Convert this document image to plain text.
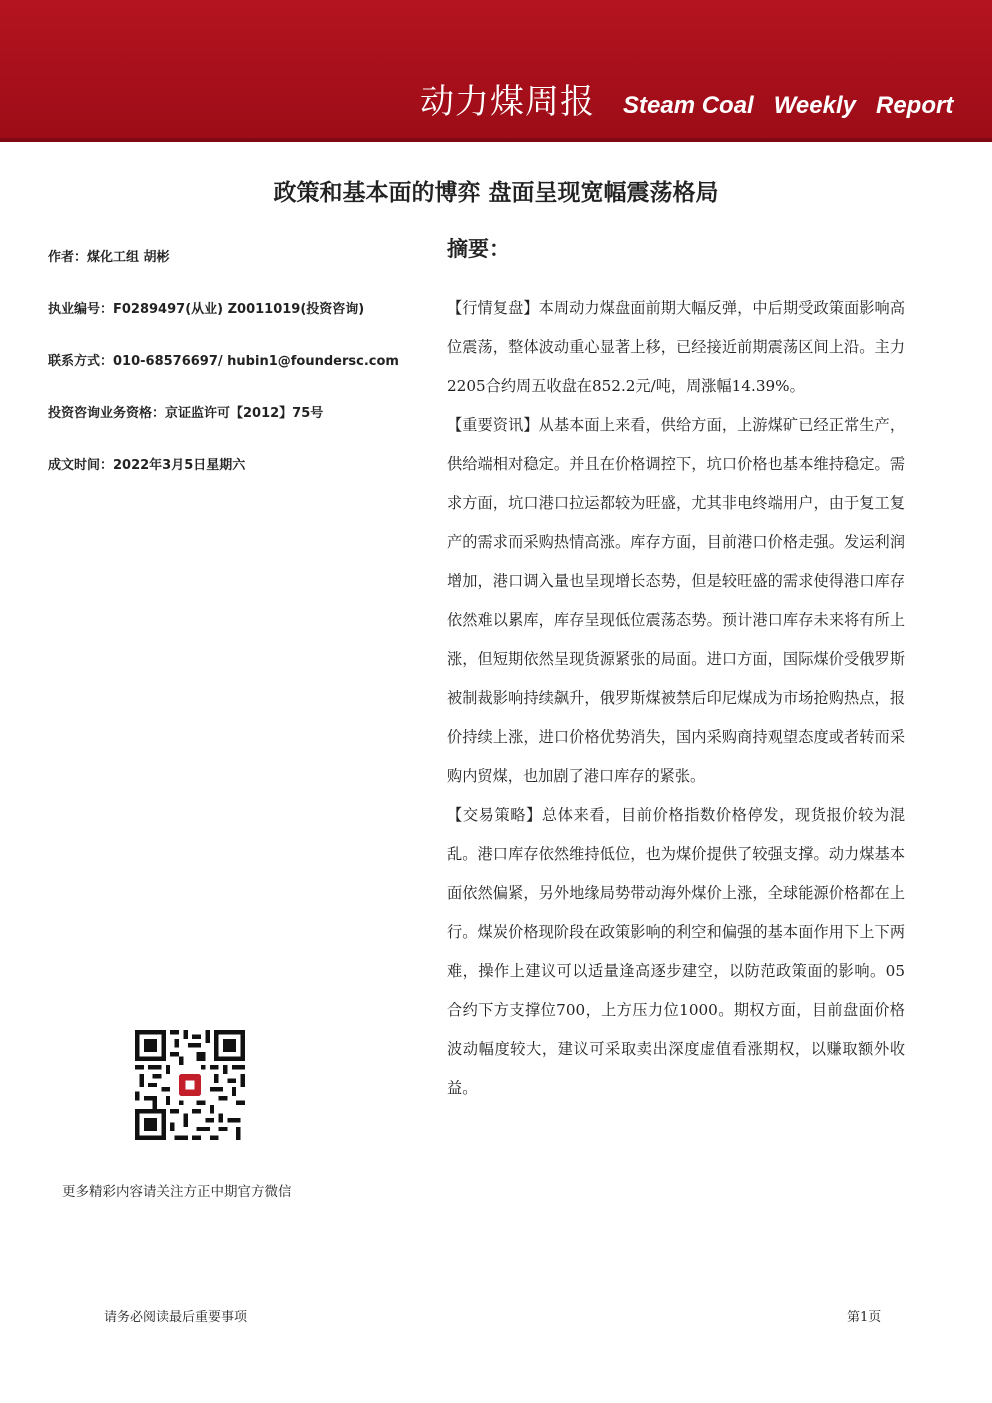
动力煤周报 Steam Coal   Weekly   Report
政策和基本面的博弈 盘面呈现宽幅震荡格局
作者：煤化工组 胡彬
执业编号：F0289497(从业) Z0011019(投资咨询)
联系方式：010-68576697/ hubin1@foundersc.com
投资咨询业务资格：京证监许可【2012】75号
成文时间：2022年3月5日星期六
摘要：

【行情复盘】本周动力煤盘面前期大幅反弹，中后期受政策面影响高位震荡，整体波动重心显著上移，已经接近前期震荡区间上沿。主力2205合约周五收盘在852.2元/吨，周涨幅14.39%。

【重要资讯】从基本面上来看，供给方面，上游煤矿已经正常生产，供给端相对稳定。并且在价格调控下，坑口价格也基本维持稳定。需求方面，坑口港口拉运都较为旺盛，尤其非电终端用户，由于复工复产的需求而采购热情高涨。库存方面，目前港口价格走强。发运利润增加，港口调入量也呈现增长态势，但是较旺盛的需求使得港口库存依然难以累库，库存呈现低位震荡态势。预计港口库存未来将有所上涨，但短期依然呈现货源紧张的局面。进口方面，国际煤价受俄罗斯被制裁影响持续飙升，俄罗斯煤被禁后印尼煤成为市场抢购热点，报价持续上涨，进口价格优势消失，国内采购商持观望态度或者转而采购内贸煤，也加剧了港口库存的紧张。

【交易策略】总体来看，目前价格指数价格停发，现货报价较为混乱。港口库存依然维持低位，也为煤价提供了较强支撑。动力煤基本面依然偏紧，另外地缘局势带动海外煤价上涨，全球能源价格都在上行。煤炭价格现阶段在政策影响的利空和偏强的基本面作用下上下两难，操作上建议可以适量逢高逐步建空，以防范政策面的影响。05合约下方支撑位700，上方压力位1000。期权方面，目前盘面价格波动幅度较大，建议可采取卖出深度虚值看涨期权，以赚取额外收益。

更多精彩内容请关注方正中期官方微信
请务必阅读最后重要事项	第1页
